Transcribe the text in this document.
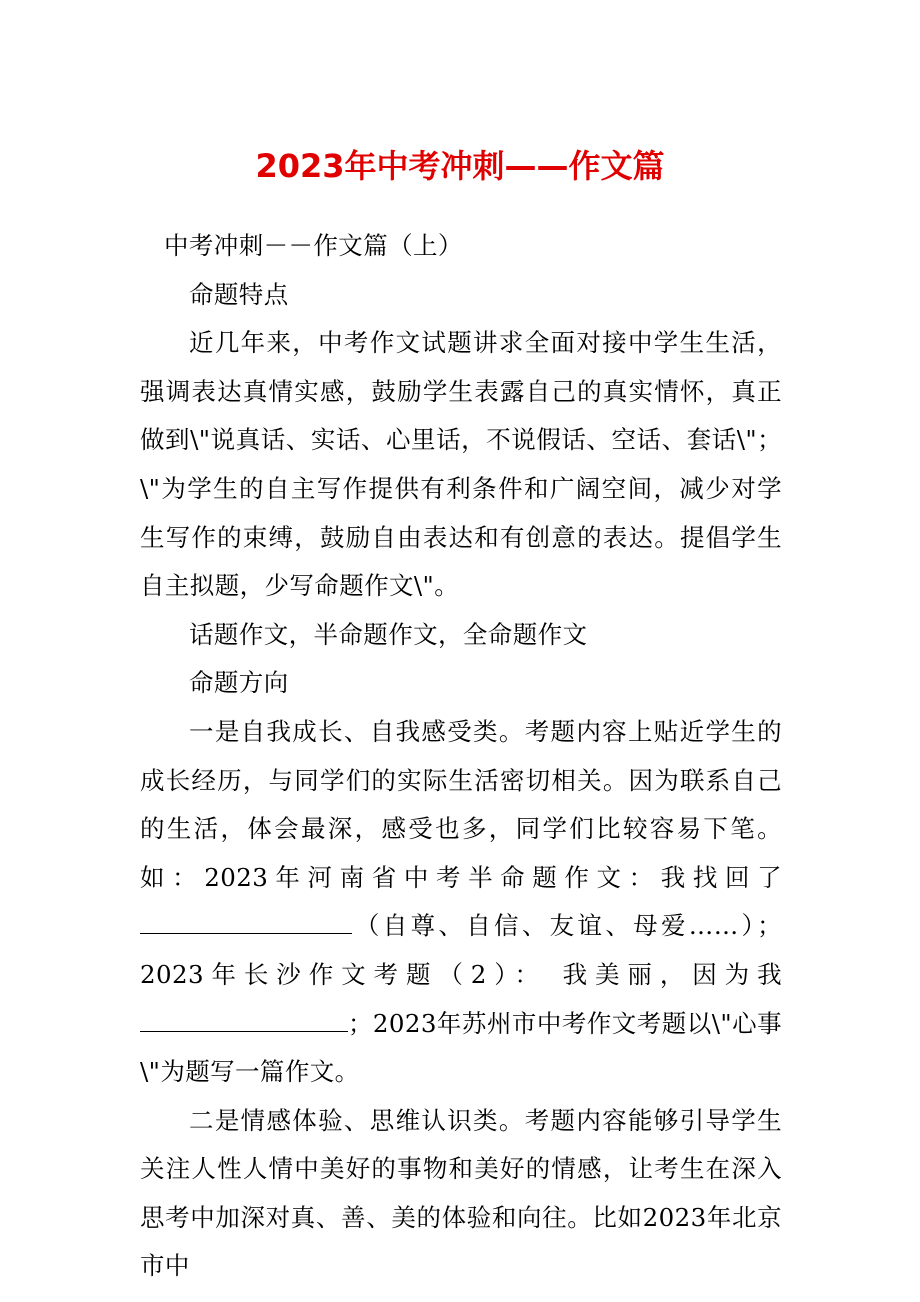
2023年中考冲刺——作文篇

中考冲刺－－作文篇（上）

命题特点

近几年来，中考作文试题讲求全面对接中学生生活，强调表达真情实感，鼓励学生表露自己的真实情怀，真正做到\"说真话、实话、心里话，不说假话、空话、套话\"；\"为学生的自主写作提供有利条件和广阔空间，减少对学生写作的束缚，鼓励自由表达和有创意的表达。提倡学生自主拟题，少写命题作文\"。

话题作文，半命题作文，全命题作文

命题方向

一是自我成长、自我感受类。考题内容上贴近学生的成长经历，与同学们的实际生活密切相关。因为联系自己的生活，体会最深，感受也多，同学们比较容易下笔。如：2023年河南省中考半命题作文：我找回了（自尊、自信、友谊、母爱……）；2023年长沙作文考题（2）： 我美丽，因为我；2023年苏州市中考作文考题以\"心事\"为题写一篇作文。

二是情感体验、思维认识类。考题内容能够引导学生关注人性人情中美好的事物和美好的情感，让考生在深入思考中加深对真、善、美的体验和向往。比如2023年北京市中
